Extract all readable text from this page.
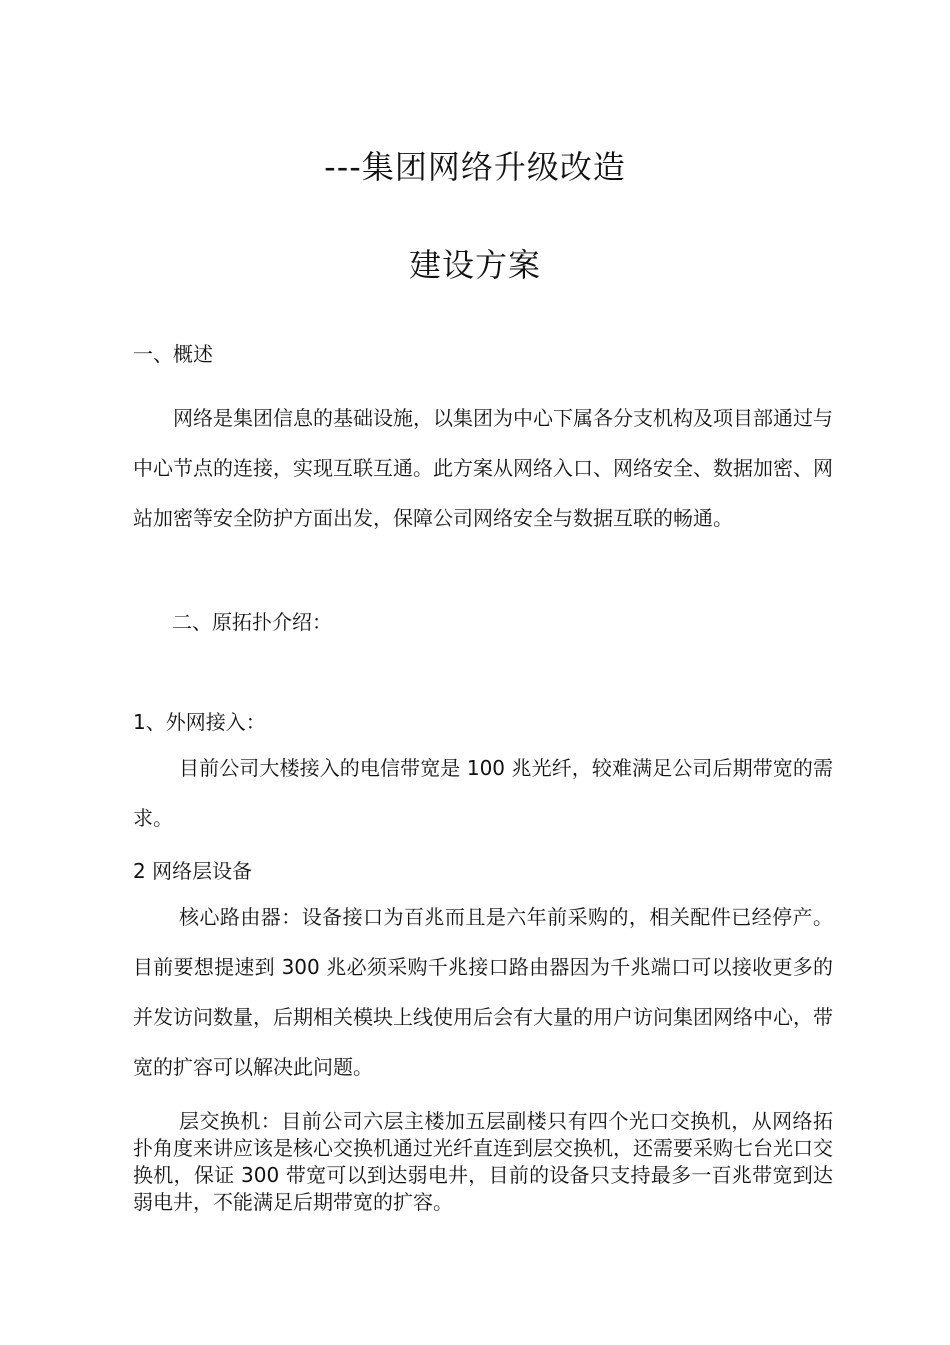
---集团网络升级改造
建设方案
一、概述

网络是集团信息的基础设施，以集团为中心下属各分支机构及项目部通过与中心节点的连接，实现互联互通。此方案从网络入口、网络安全、数据加密、网站加密等安全防护方面出发，保障公司网络安全与数据互联的畅通。

二、原拓扑介绍：
1、外网接入：

目前公司大楼接入的电信带宽是 100 兆光纤，较难满足公司后期带宽的需求。

2 网络层设备

核心路由器：设备接口为百兆而且是六年前采购的，相关配件已经停产。目前要想提速到 300 兆必须采购千兆接口路由器因为千兆端口可以接收更多的并发访问数量，后期相关模块上线使用后会有大量的用户访问集团网络中心，带宽的扩容可以解决此问题。

层交换机：目前公司六层主楼加五层副楼只有四个光口交换机，从网络拓扑角度来讲应该是核心交换机通过光纤直连到层交换机，还需要采购七台光口交换机，保证 300 带宽可以到达弱电井，目前的设备只支持最多一百兆带宽到达弱电井，不能满足后期带宽的扩容。
